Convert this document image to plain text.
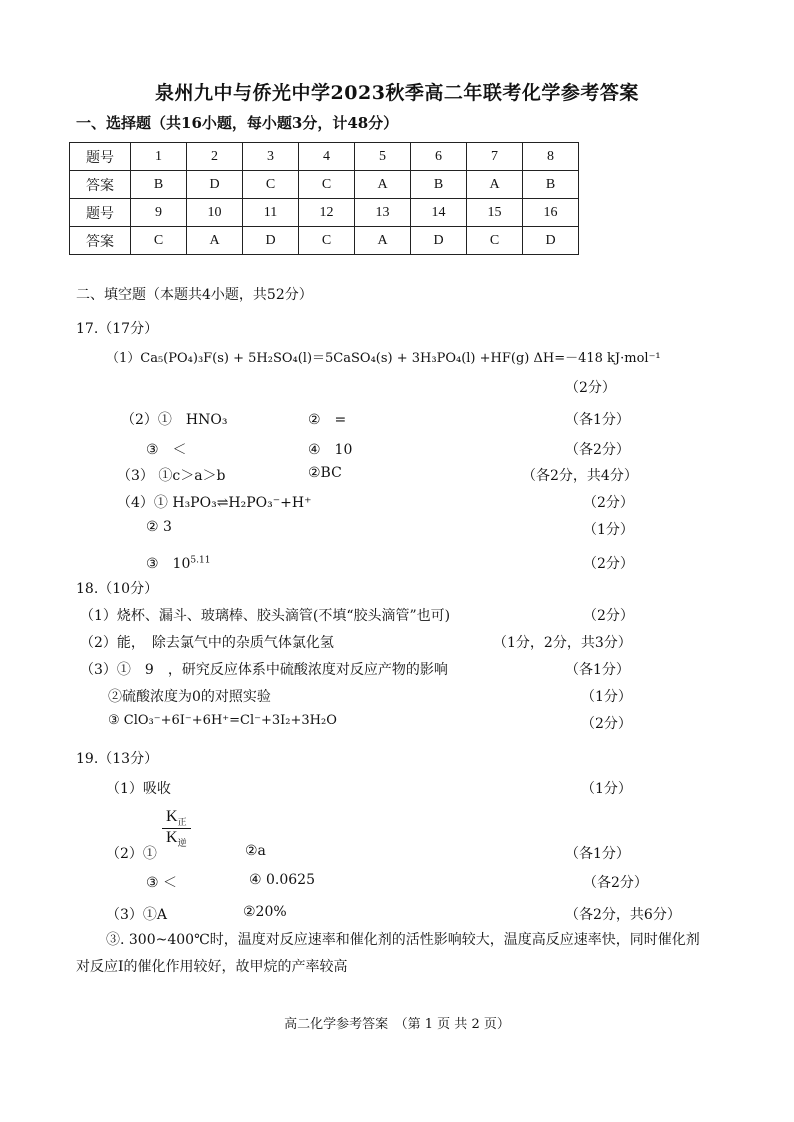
泉州九中与侨光中学2023秋季高二年联考化学参考答案
一、选择题（共16小题，每小题3分，计48分）
题号	1	2	3	4	5	6	7	8
答案	B	D	C	C	A	B	A	B
题号	9	10	11	12	13	14	15	16
答案	C	A	D	C	A	D	C	D
二、填空题（本题共4小题，共52分）
17.（17分）
（1）Ca₅(PO₄)₃F(s) + 5H₂SO₄(l)＝5CaSO₄(s) + 3H₃PO₄(l) +HF(g) ΔH=－418 kJ·mol⁻¹
（2分）
（2）①　HNO₃	②　=	（各1分）
③　＜	④　10	（各2分）
（3） ①c＞a＞b	②BC	（各2分，共4分）
（4）① H₃PO₃⇌H₂PO₃⁻+H⁺	（2分）
② 3	（1分）
③　$10^{5.11}$	（2分）
18.（10分）
（1）烧杯、漏斗、玻璃棒、胶头滴管(不填“胶头滴管”也可)	（2分）
（2）能，　除去氯气中的杂质气体氯化氢	（1分，2分，共3分）
（3）①　9　，研究反应体系中硫酸浓度对反应产物的影响	（各1分）
②硫酸浓度为0的对照实验	（1分）
③ ClO₃⁻+6I⁻+6H⁺=Cl⁻+3I₂+3H₂O	（2分）
19.（13分）
（1）吸收	（1分）
$K_正$
$K_逆$
（2）①	②a	（各1分）
③ ＜	④ 0.0625	（各2分）
（3）①A	②20%	（各2分，共6分）
③. 300~400℃时，温度对反应速率和催化剂的活性影响较大，温度高反应速率快，同时催化剂
对反应Ⅰ的催化作用较好，故甲烷的产率较高
高二化学参考答案　（第 1 页 共 2 页）
